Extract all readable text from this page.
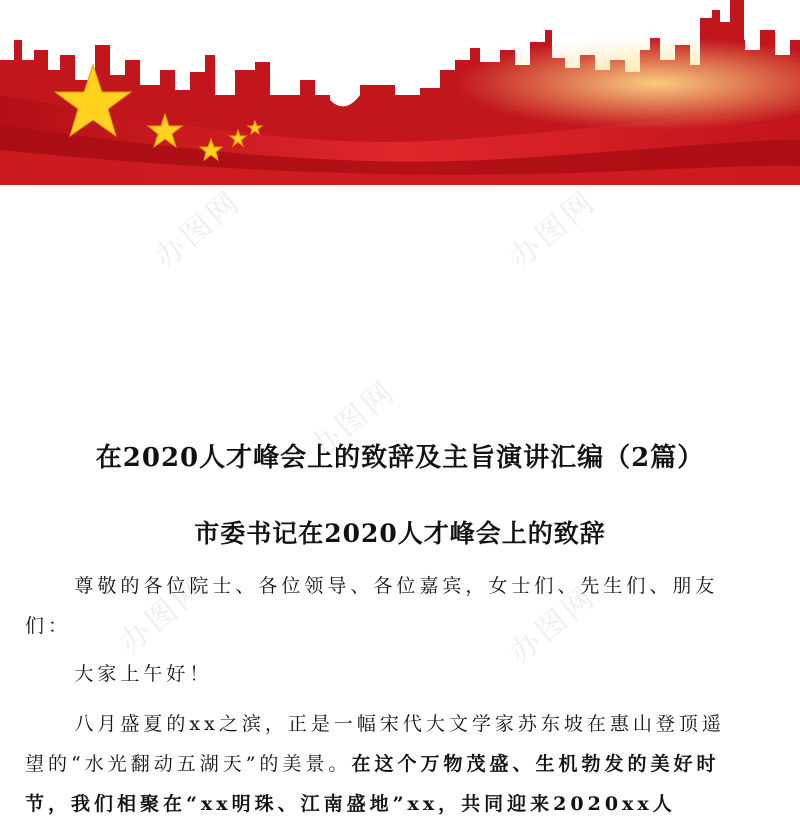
办图网	办图网
办图网
办图网	办图网
在2020人才峰会上的致辞及主旨演讲汇编（2篇）
市委书记在2020人才峰会上的致辞

尊敬的各位院士、各位领导、各位嘉宾，女士们、先生们、朋友们：

大家上午好！

八月盛夏的xx之滨，正是一幅宋代大文学家苏东坡在惠山登顶遥望的“水光翻动五湖天”的美景。在这个万物茂盛、生机勃发的美好时节，我们相聚在“xx明珠、江南盛地”xx，共同迎来2020xx人
